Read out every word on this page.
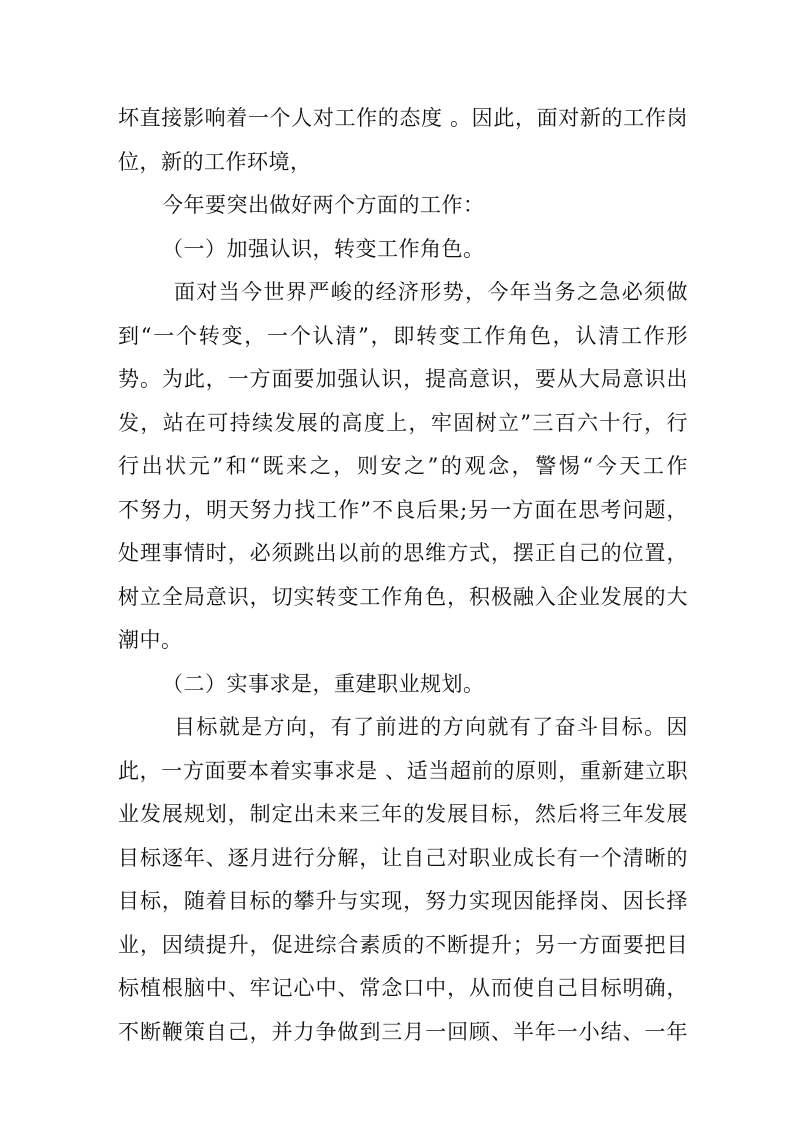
坏直接影响着一个人对工作的态度 。因此，面对新的工作岗
位，新的工作环境，
今年要突出做好两个方面的工作：
（一）加强认识，转变工作角色。
面对当今世界严峻的经济形势，今年当务之急必须做
到“一个转变，一个认清”，即转变工作角色，认清工作形
势。为此，一方面要加强认识，提高意识，要从大局意识出
发，站在可持续发展的高度上，牢固树立”三百六十行，行
行出状元”和“既来之，则安之”的观念，警惕“今天工作
不努力，明天努力找工作”不良后果;另一方面在思考问题，
处理事情时，必须跳出以前的思维方式，摆正自己的位置，
树立全局意识，切实转变工作角色，积极融入企业发展的大
潮中。
（二）实事求是，重建职业规划。
目标就是方向，有了前进的方向就有了奋斗目标。因
此，一方面要本着实事求是 、适当超前的原则，重新建立职
业发展规划，制定出未来三年的发展目标，然后将三年发展
目标逐年、逐月进行分解，让自己对职业成长有一个清晰的
目标，随着目标的攀升与实现，努力实现因能择岗、因长择
业，因绩提升，促进综合素质的不断提升；另一方面要把目
标植根脑中、牢记心中、常念口中，从而使自己目标明确，
不断鞭策自己，并力争做到三月一回顾、半年一小结、一年
